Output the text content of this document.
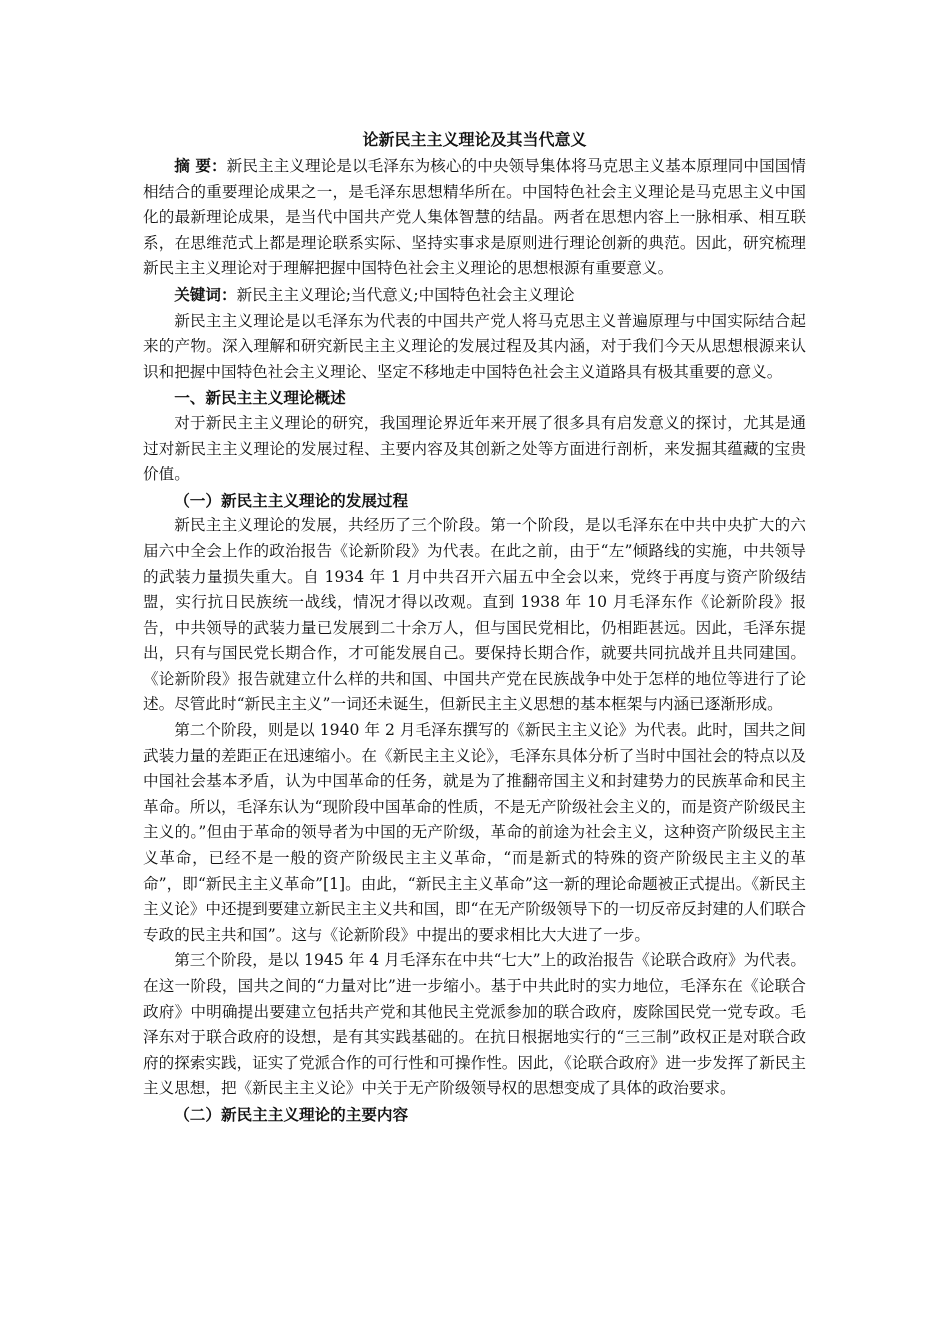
论新民主主义理论及其当代意义

摘 要：新民主主义理论是以毛泽东为核心的中央领导集体将马克思主义基本原理同中国国情相结合的重要理论成果之一，是毛泽东思想精华所在。中国特色社会主义理论是马克思主义中国化的最新理论成果，是当代中国共产党人集体智慧的结晶。两者在思想内容上一脉相承、相互联系，在思维范式上都是理论联系实际、坚持实事求是原则进行理论创新的典范。因此，研究梳理新民主主义理论对于理解把握中国特色社会主义理论的思想根源有重要意义。

关键词：新民主主义理论;当代意义;中国特色社会主义理论

新民主主义理论是以毛泽东为代表的中国共产党人将马克思主义普遍原理与中国实际结合起来的产物。深入理解和研究新民主主义理论的发展过程及其内涵，对于我们今天从思想根源来认识和把握中国特色社会主义理论、坚定不移地走中国特色社会主义道路具有极其重要的意义。

一、新民主主义理论概述

对于新民主主义理论的研究，我国理论界近年来开展了很多具有启发意义的探讨，尤其是通过对新民主主义理论的发展过程、主要内容及其创新之处等方面进行剖析，来发掘其蕴藏的宝贵价值。

（一）新民主主义理论的发展过程

新民主主义理论的发展，共经历了三个阶段。第一个阶段，是以毛泽东在中共中央扩大的六届六中全会上作的政治报告《论新阶段》为代表。在此之前，由于“左”倾路线的实施，中共领导的武装力量损失重大。自 1934 年 1 月中共召开六届五中全会以来，党终于再度与资产阶级结盟，实行抗日民族统一战线，情况才得以改观。直到 1938 年 10 月毛泽东作《论新阶段》报告，中共领导的武装力量已发展到二十余万人，但与国民党相比，仍相距甚远。因此，毛泽东提出，只有与国民党长期合作，才可能发展自己。要保持长期合作，就要共同抗战并且共同建国。《论新阶段》报告就建立什么样的共和国、中国共产党在民族战争中处于怎样的地位等进行了论述。尽管此时“新民主主义”一词还未诞生，但新民主主义思想的基本框架与内涵已逐渐形成。

第二个阶段，则是以 1940 年 2 月毛泽东撰写的《新民主主义论》为代表。此时，国共之间武装力量的差距正在迅速缩小。在《新民主主义论》，毛泽东具体分析了当时中国社会的特点以及中国社会基本矛盾，认为中国革命的任务，就是为了推翻帝国主义和封建势力的民族革命和民主革命。所以，毛泽东认为“现阶段中国革命的性质，不是无产阶级社会主义的，而是资产阶级民主主义的。”但由于革命的领导者为中国的无产阶级，革命的前途为社会主义，这种资产阶级民主主义革命，已经不是一般的资产阶级民主主义革命，“而是新式的特殊的资产阶级民主主义的革命”，即“新民主主义革命”[1]。由此，“新民主主义革命”这一新的理论命题被正式提出。《新民主主义论》中还提到要建立新民主主义共和国，即“在无产阶级领导下的一切反帝反封建的人们联合专政的民主共和国”。这与《论新阶段》中提出的要求相比大大进了一步。

第三个阶段，是以 1945 年 4 月毛泽东在中共“七大”上的政治报告《论联合政府》为代表。在这一阶段，国共之间的“力量对比”进一步缩小。基于中共此时的实力地位，毛泽东在《论联合政府》中明确提出要建立包括共产党和其他民主党派参加的联合政府，废除国民党一党专政。毛泽东对于联合政府的设想，是有其实践基础的。在抗日根据地实行的“三三制”政权正是对联合政府的探索实践，证实了党派合作的可行性和可操作性。因此，《论联合政府》进一步发挥了新民主主义思想，把《新民主主义论》中关于无产阶级领导权的思想变成了具体的政治要求。

（二）新民主主义理论的主要内容
